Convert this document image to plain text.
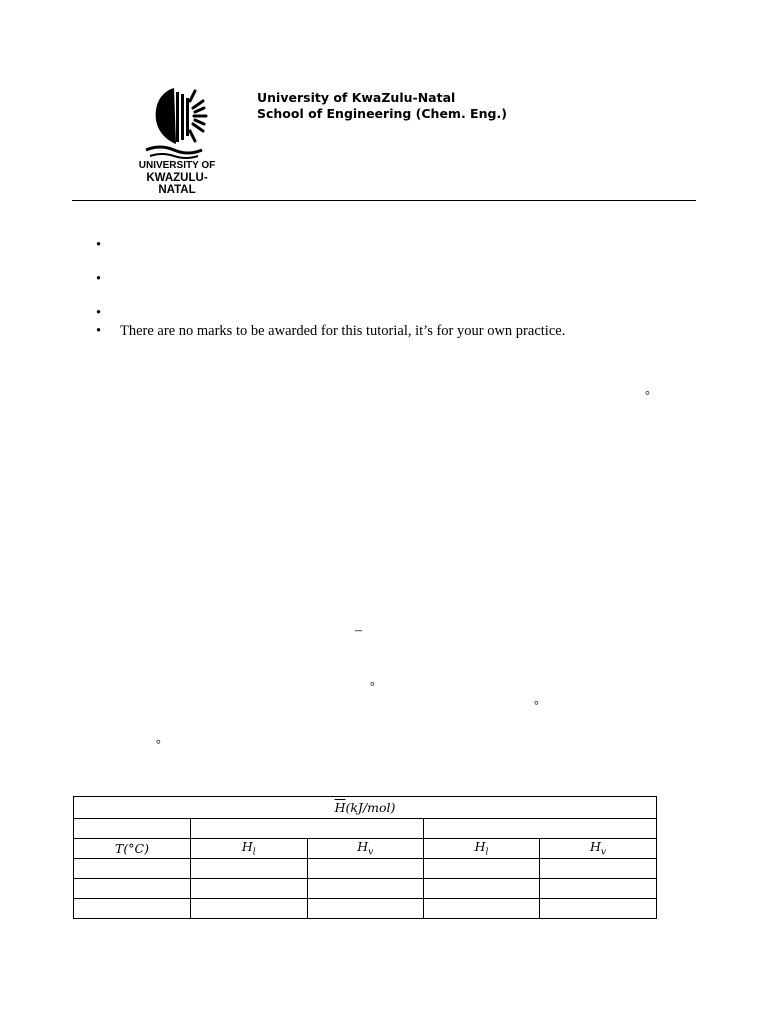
UNIVERSITY OF
KWAZULU-NATAL
University of KwaZulu-Natal
School of Engineering (Chem. Eng.)
•
•
•
•	There are no marks to be awarded for this tutorial, it’s for your own practice.
°
–
°
°
°
$\overline{H}(kJ/mol)$				

T(°C)	$\overline{H}_l$	$\overline{H}_v$	$\overline{H}_l$	$\overline{H}_v$
